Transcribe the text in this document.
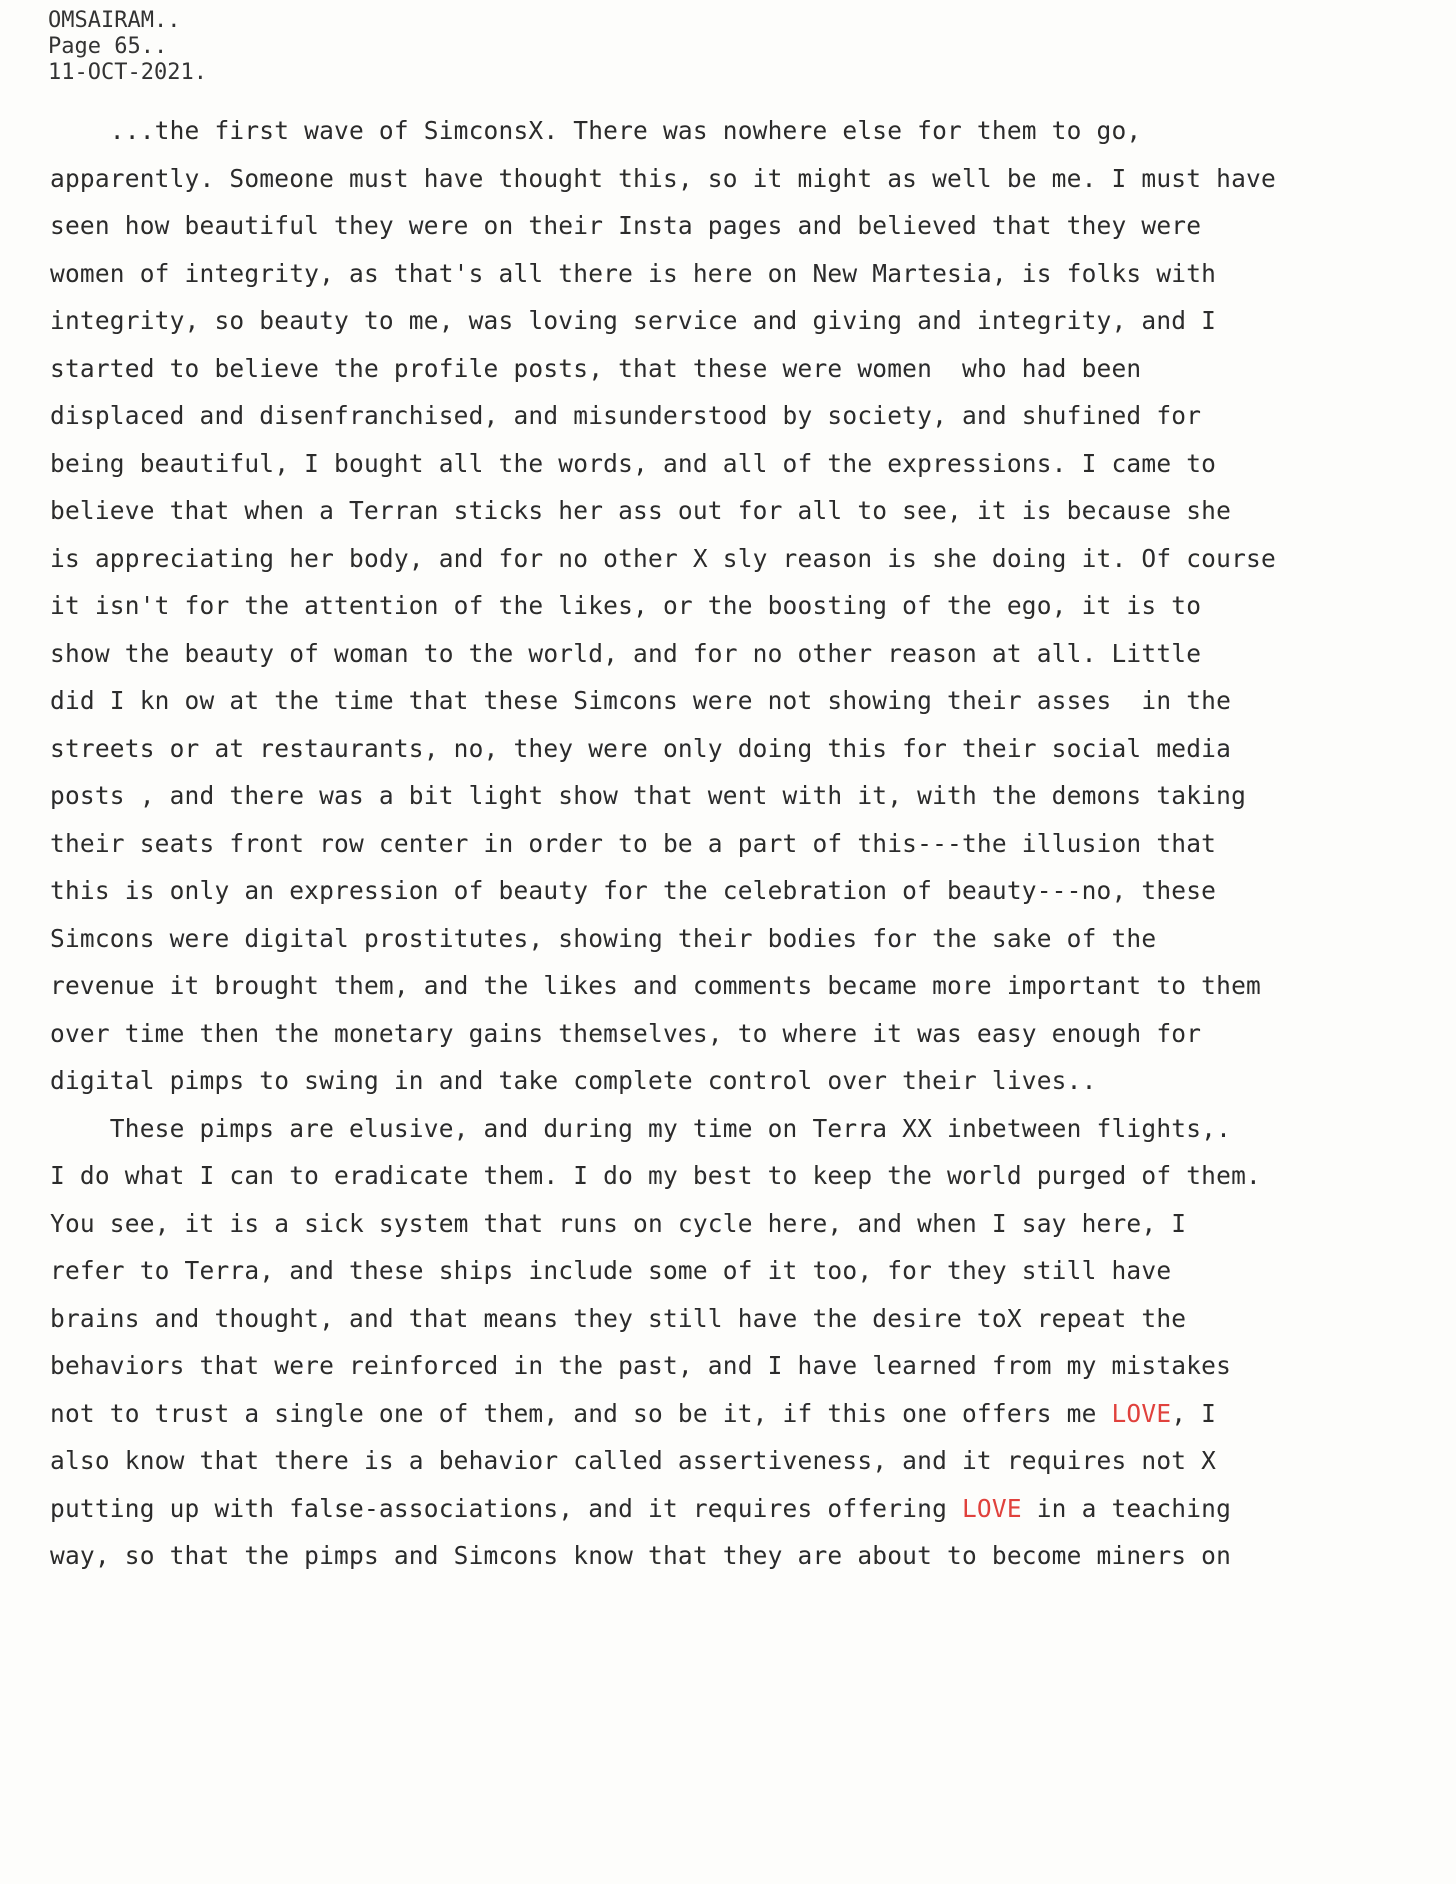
OMSAIRAM..
Page 65..
11-OCT-2021.
...the first wave of SimconsX. There was nowhere else for them to go,
apparently. Someone must have thought this, so it might as well be me. I must have
seen how beautiful they were on their Insta pages and believed that they were
women of integrity, as that's all there is here on New Martesia, is folks with
integrity, so beauty to me, was loving service and giving and integrity, and I
started to believe the profile posts, that these were women  who had been
displaced and disenfranchised, and misunderstood by society, and shufined for
being beautiful, I bought all the words, and all of the expressions. I came to
believe that when a Terran sticks her ass out for all to see, it is because she
is appreciating her body, and for no other X sly reason is she doing it. Of course
it isn't for the attention of the likes, or the boosting of the ego, it is to
show the beauty of woman to the world, and for no other reason at all. Little
did I kn ow at the time that these Simcons were not showing their asses  in the
streets or at restaurants, no, they were only doing this for their social media
posts , and there was a bit light show that went with it, with the demons taking
their seats front row center in order to be a part of this---the illusion that
this is only an expression of beauty for the celebration of beauty---no, these
Simcons were digital prostitutes, showing their bodies for the sake of the
revenue it brought them, and the likes and comments became more important to them
over time then the monetary gains themselves, to where it was easy enough for
digital pimps to swing in and take complete control over their lives..
These pimps are elusive, and during my time on Terra XX inbetween flights,.
I do what I can to eradicate them. I do my best to keep the world purged of them.
You see, it is a sick system that runs on cycle here, and when I say here, I
refer to Terra, and these ships include some of it too, for they still have
brains and thought, and that means they still have the desire toX repeat the
behaviors that were reinforced in the past, and I have learned from my mistakes
not to trust a single one of them, and so be it, if this one offers me LOVE, I
also know that there is a behavior called assertiveness, and it requires not X
putting up with false-associations, and it requires offering LOVE in a teaching
way, so that the pimps and Simcons know that they are about to become miners on
